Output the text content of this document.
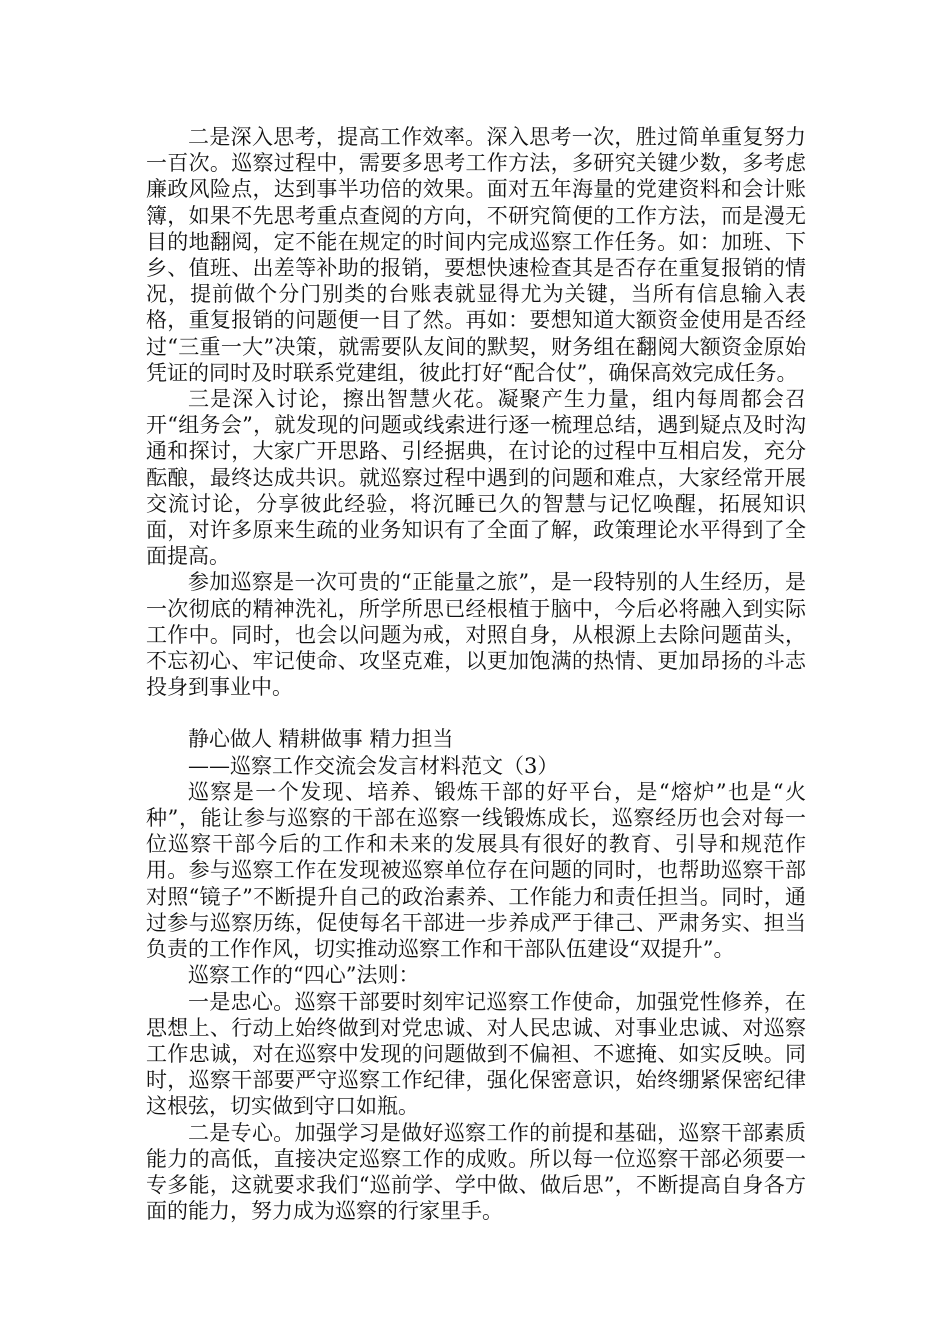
二是深入思考，提高工作效率。深入思考一次，胜过简单重复努力一百次。巡察过程中，需要多思考工作方法，多研究关键少数，多考虑廉政风险点，达到事半功倍的效果。面对五年海量的党建资料和会计账簿，如果不先思考重点查阅的方向，不研究简便的工作方法，而是漫无目的地翻阅，定不能在规定的时间内完成巡察工作任务。如：加班、下乡、值班、出差等补助的报销，要想快速检查其是否存在重复报销的情况，提前做个分门别类的台账表就显得尤为关键，当所有信息输入表格，重复报销的问题便一目了然。再如：要想知道大额资金使用是否经过“三重一大”决策，就需要队友间的默契，财务组在翻阅大额资金原始凭证的同时及时联系党建组，彼此打好“配合仗”，确保高效完成任务。

三是深入讨论，擦出智慧火花。凝聚产生力量，组内每周都会召开“组务会”，就发现的问题或线索进行逐一梳理总结，遇到疑点及时沟通和探讨，大家广开思路、引经据典，在讨论的过程中互相启发，充分酝酿，最终达成共识。就巡察过程中遇到的问题和难点，大家经常开展交流讨论，分享彼此经验，将沉睡已久的智慧与记忆唤醒，拓展知识面，对许多原来生疏的业务知识有了全面了解，政策理论水平得到了全面提高。

参加巡察是一次可贵的“正能量之旅”，是一段特别的人生经历，是一次彻底的精神洗礼，所学所思已经根植于脑中，今后必将融入到实际工作中。同时，也会以问题为戒，对照自身，从根源上去除问题苗头，不忘初心、牢记使命、攻坚克难，以更加饱满的热情、更加昂扬的斗志投身到事业中。

静心做人 精耕做事 精力担当

——巡察工作交流会发言材料范文（3）

巡察是一个发现、培养、锻炼干部的好平台，是“熔炉”也是“火种”，能让参与巡察的干部在巡察一线锻炼成长，巡察经历也会对每一位巡察干部今后的工作和未来的发展具有很好的教育、引导和规范作用。参与巡察工作在发现被巡察单位存在问题的同时，也帮助巡察干部对照“镜子”不断提升自己的政治素养、工作能力和责任担当。同时，通过参与巡察历练，促使每名干部进一步养成严于律己、严肃务实、担当负责的工作作风，切实推动巡察工作和干部队伍建设“双提升”。

巡察工作的“四心”法则：

一是忠心。巡察干部要时刻牢记巡察工作使命，加强党性修养，在思想上、行动上始终做到对党忠诚、对人民忠诚、对事业忠诚、对巡察工作忠诚，对在巡察中发现的问题做到不偏袒、不遮掩、如实反映。同时，巡察干部要严守巡察工作纪律，强化保密意识，始终绷紧保密纪律这根弦，切实做到守口如瓶。

二是专心。加强学习是做好巡察工作的前提和基础，巡察干部素质能力的高低，直接决定巡察工作的成败。所以每一位巡察干部必须要一专多能，这就要求我们“巡前学、学中做、做后思”，不断提高自身各方面的能力，努力成为巡察的行家里手。
